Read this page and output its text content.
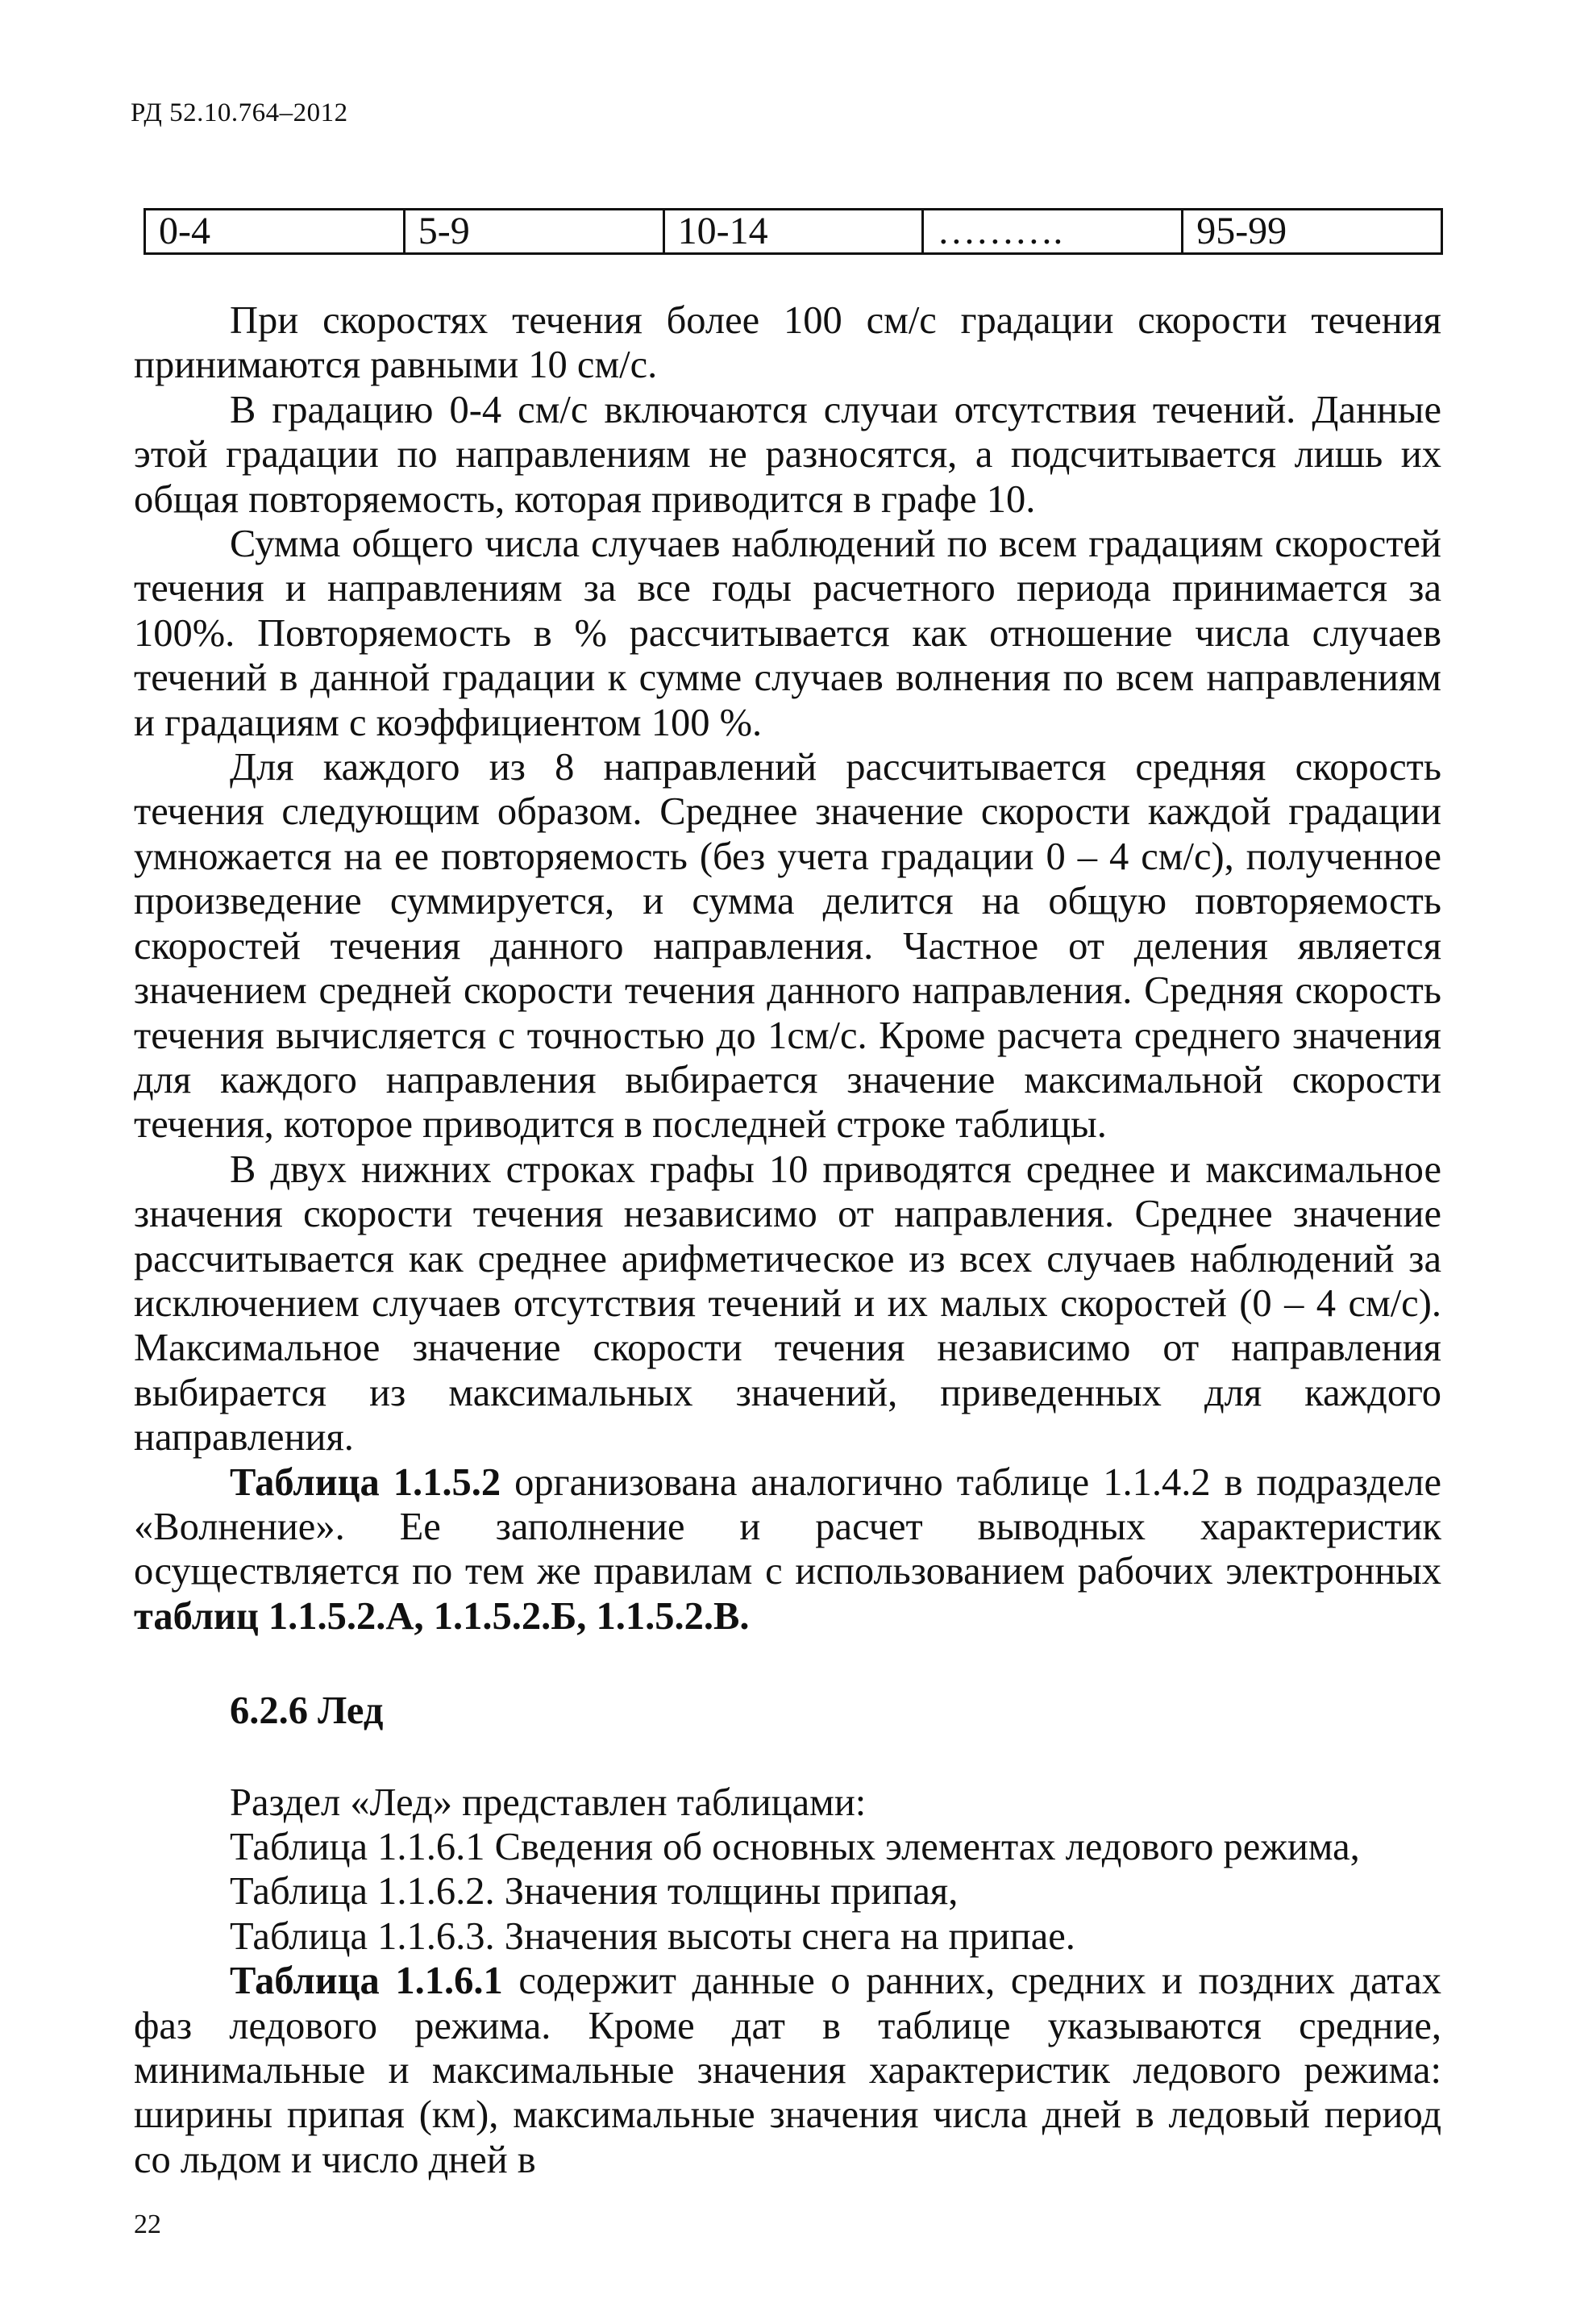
РД 52.10.764–2012
0-4	5-9	10-14	……….	95-99

При скоростях течения более 100 см/с градации скорости течения принимаются равными 10 см/с.

В градацию 0-4 см/с включаются случаи отсутствия течений. Данные этой градации по направлениям не разносятся, а подсчитывается лишь их общая повторяемость, которая приводится в графе 10.

Сумма общего числа случаев наблюдений по всем градациям скоростей течения и направлениям за все годы расчетного периода принимается за 100%. Повторяемость в % рассчитывается как отношение числа случаев течений в данной градации к сумме случаев волнения по всем направлениям и градациям с коэффициентом 100 %.

Для каждого из 8 направлений рассчитывается средняя скорость течения следующим образом. Среднее значение скорости каждой градации умножается на ее повторяемость (без учета градации 0 – 4 см/с), полученное произведение суммируется, и сумма делится на общую повторяемость скоростей течения данного направления. Частное от деления является значением средней скорости течения данного направления. Средняя скорость течения вычисляется с точностью до 1см/с. Кроме расчета среднего значения для каждого направления выбирается значение максимальной скорости течения, которое приводится в последней строке таблицы.

В двух нижних строках графы 10 приводятся среднее и максимальное значения скорости течения независимо от направления. Среднее значение рассчитывается как среднее арифметическое из всех случаев наблюдений за исключением случаев отсутствия течений и их малых скоростей (0 – 4 см/с). Максимальное значение скорости течения независимо от направления выбирается из максимальных значений, приведенных для каждого направления.

Таблица 1.1.5.2 организована аналогично таблице 1.1.4.2 в подразделе «Волнение». Ее заполнение и расчет выводных характеристик осуществляется по тем же правилам с использованием рабочих электронных таблиц 1.1.5.2.А, 1.1.5.2.Б, 1.1.5.2.В.

6.2.6 Лед

Раздел «Лед» представлен таблицами:

Таблица 1.1.6.1 Сведения об основных элементах ледового режима,

Таблица 1.1.6.2. Значения толщины припая,

Таблица 1.1.6.3. Значения высоты снега на припае.

Таблица 1.1.6.1 содержит данные о ранних, средних и поздних датах фаз ледового режима. Кроме дат в таблице указываются средние, минимальные и максимальные значения характеристик ледового режима: ширины припая (км), максимальные значения числа дней в ледовый период со льдом и число дней в

22
